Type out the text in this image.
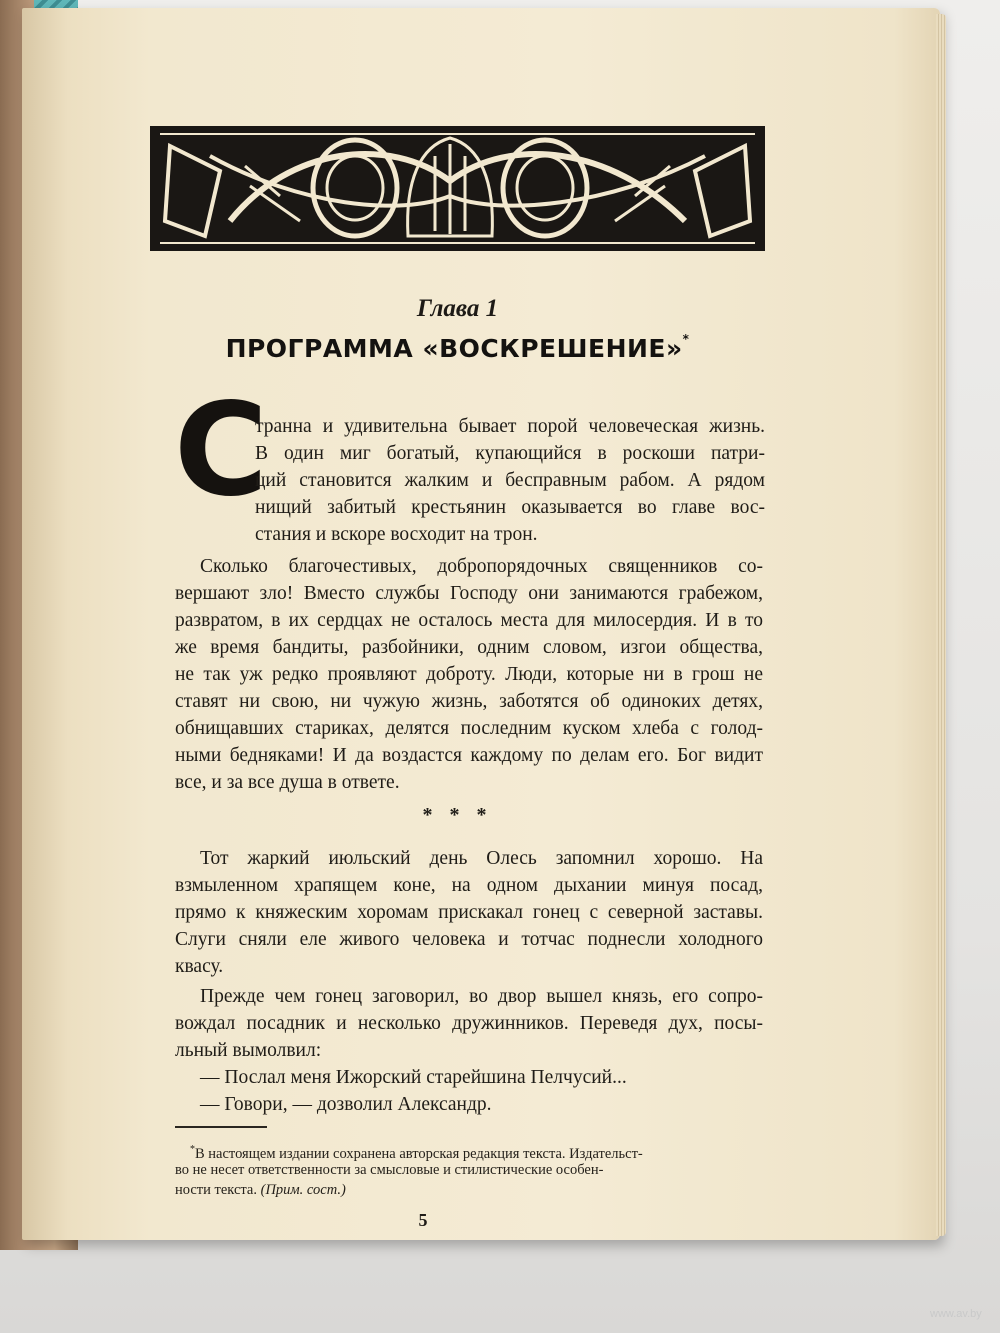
Глава 1
ПРОГРАММА «ВОСКРЕШЕНИЕ»*
С
транна и удивительна бывает порой человеческая жизнь.
В один миг богатый, купающийся в роскоши патри-
ций становится жалким и бесправным рабом. А рядом
нищий забитый крестьянин оказывается во главе вос-
стания и вскоре восходит на трон.
Сколько благочестивых, добропорядочных священников со-
вершают зло! Вместо службы Господу они занимаются грабежом,
развратом, в их сердцах не осталось места для милосердия. И в то
же время бандиты, разбойники, одним словом, изгои общества,
не так уж редко проявляют доброту. Люди, которые ни в грош не
ставят ни свою, ни чужую жизнь, заботятся об одиноких детях,
обнищавших стариках, делятся последним куском хлеба с голод-
ными бедняками! И да воздастся каждому по делам его. Бог видит
все, и за все душа в ответе.
* * *
Тот жаркий июльский день Олесь запомнил хорошо. На
взмыленном храпящем коне, на одном дыхании минуя посад,
прямо к княжеским хоромам прискакал гонец с северной заставы.
Слуги сняли еле живого человека и тотчас поднесли холодного
квасу.
Прежде чем гонец заговорил, во двор вышел князь, его сопро-
вождал посадник и несколько дружинников. Переведя дух, посы-
льный вымолвил:
— Послал меня Ижорский старейшина Пелчусий...
— Говори, — дозволил Александр.
*В настоящем издании сохранена авторская редакция текста. Издательст-
во не несет ответственности за смысловые и стилистические особен-
ности текста. (Прим. сост.)
5
www.av.by
